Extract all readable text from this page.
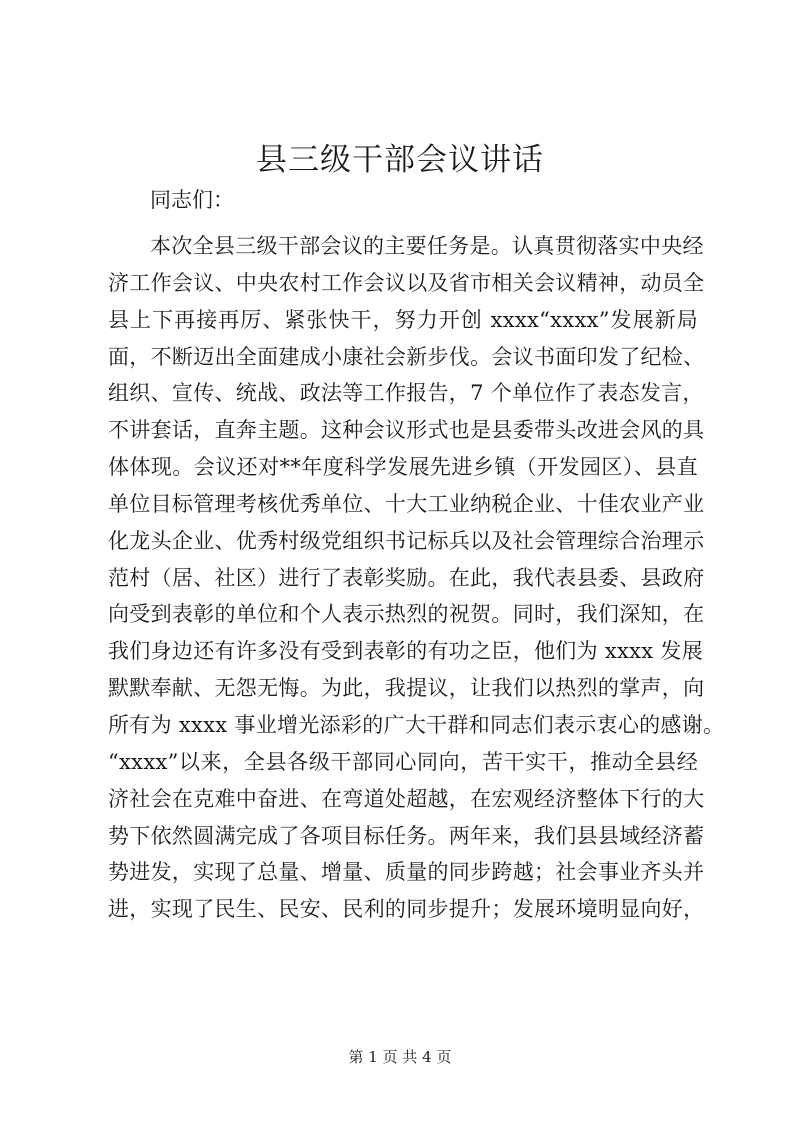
县三级干部会议讲话

同志们：

本次全县三级干部会议的主要任务是。认真贯彻落实中央经
济工作会议、中央农村工作会议以及省市相关会议精神，动员全
县上下再接再厉、紧张快干，努力开创 xxxx“xxxx”发展新局
面，不断迈出全面建成小康社会新步伐。会议书面印发了纪检、
组织、宣传、统战、政法等工作报告，7 个单位作了表态发言，
不讲套话，直奔主题。这种会议形式也是县委带头改进会风的具
体体现。会议还对**年度科学发展先进乡镇（开发园区）、县直
单位目标管理考核优秀单位、十大工业纳税企业、十佳农业产业
化龙头企业、优秀村级党组织书记标兵以及社会管理综合治理示
范村（居、社区）进行了表彰奖励。在此，我代表县委、县政府
向受到表彰的单位和个人表示热烈的祝贺。同时，我们深知，在
我们身边还有许多没有受到表彰的有功之臣，他们为 xxxx 发展
默默奉献、无怨无悔。为此，我提议，让我们以热烈的掌声，向
所有为 xxxx 事业增光添彩的广大干群和同志们表示衷心的感谢。
“xxxx”以来，全县各级干部同心同向，苦干实干，推动全县经
济社会在克难中奋进、在弯道处超越，在宏观经济整体下行的大
势下依然圆满完成了各项目标任务。两年来，我们县县域经济蓄
势进发，实现了总量、增量、质量的同步跨越；社会事业齐头并
进，实现了民生、民安、民利的同步提升；发展环境明显向好，
第 1 页 共 4 页
